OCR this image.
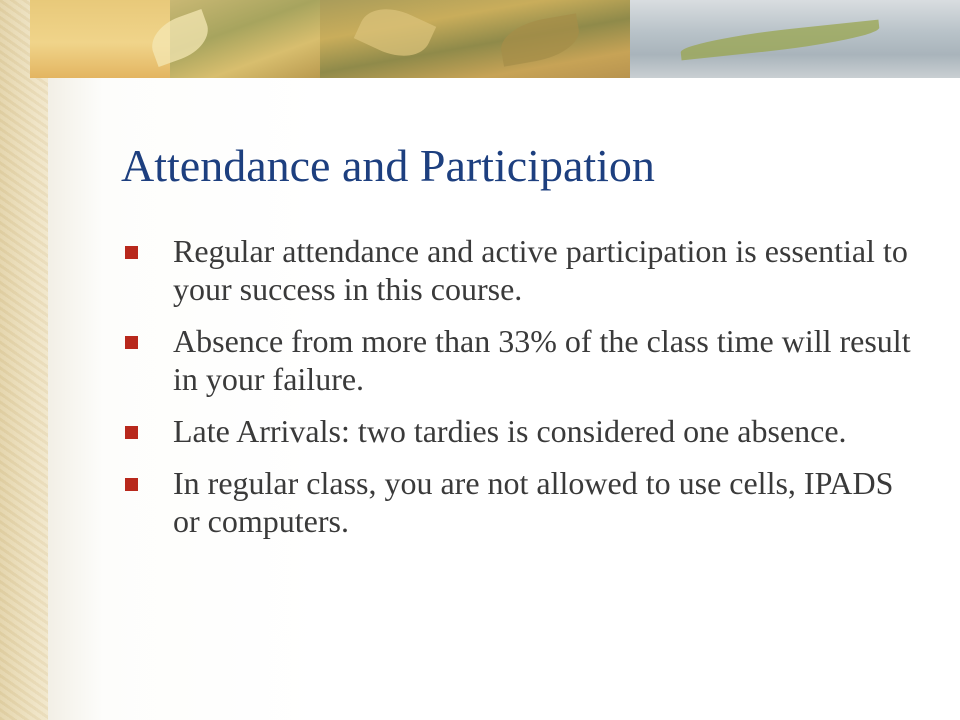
Attendance and Participation
Regular attendance and active participation is essential to your success in this course.
Absence from more than 33% of the class time will result in your failure.
Late Arrivals: two tardies is considered one absence.
In regular class, you are not allowed to use cells, IPADS or computers.
